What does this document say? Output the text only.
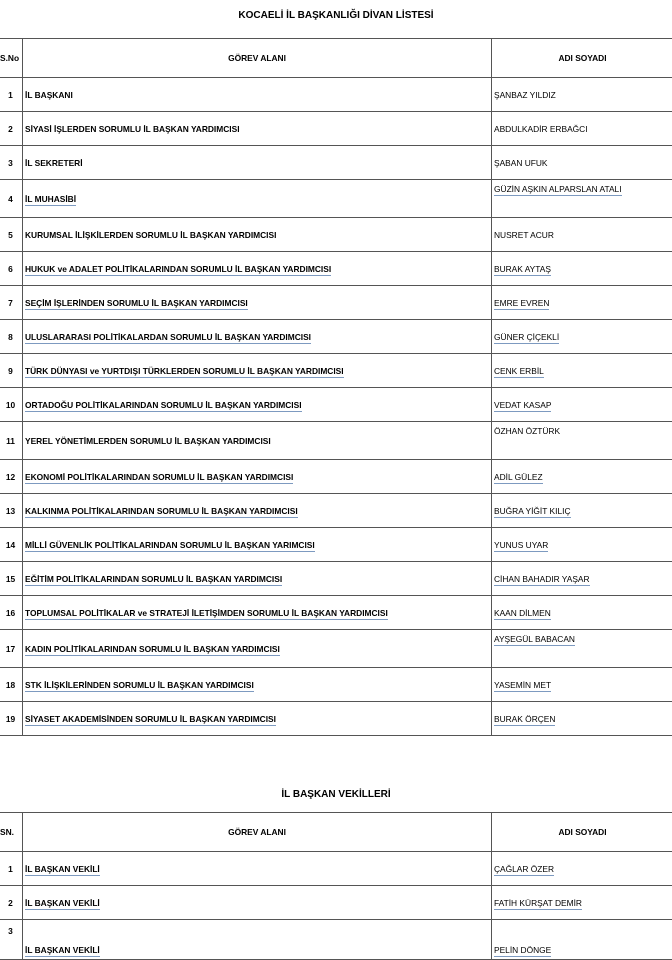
KOCAELİ İL BAŞKANLIĞI DİVAN LİSTESİ
S.No	GÖREV ALANI	ADI SOYADI
1	İL BAŞKANI	ŞANBAZ YILDIZ
2	SİYASİ İŞLERDEN SORUMLU İL BAŞKAN YARDIMCISI	ABDULKADİR ERBAĞCI
3	İL SEKRETERİ	ŞABAN UFUK
4	İL MUHASİBİ	GÜZİN AŞKIN ALPARSLAN ATALI
5	KURUMSAL İLİŞKİLERDEN SORUMLU İL BAŞKAN YARDIMCISI	NUSRET ACUR
6	HUKUK ve ADALET POLİTİKALARINDAN SORUMLU İL BAŞKAN YARDIMCISI	BURAK AYTAŞ
7	SEÇİM İŞLERİNDEN SORUMLU İL BAŞKAN YARDIMCISI	EMRE EVREN
8	ULUSLARARASI POLİTİKALARDAN SORUMLU İL BAŞKAN YARDIMCISI	GÜNER ÇİÇEKLİ
9	TÜRK DÜNYASI ve YURTDIŞI TÜRKLERDEN SORUMLU İL BAŞKAN YARDIMCISI	CENK ERBİL
10	ORTADOĞU POLİTİKALARINDAN SORUMLU İL BAŞKAN YARDIMCISI	VEDAT KASAP
11	YEREL YÖNETİMLERDEN SORUMLU İL BAŞKAN YARDIMCISI	ÖZHAN ÖZTÜRK
12	EKONOMİ POLİTİKALARINDAN SORUMLU İL BAŞKAN YARDIMCISI	ADİL GÜLEZ
13	KALKINMA POLİTİKALARINDAN SORUMLU İL BAŞKAN YARDIMCISI	BUĞRA YİĞİT KILIÇ
14	MİLLİ GÜVENLİK POLİTİKALARINDAN SORUMLU İL BAŞKAN YARIMCISI	YUNUS UYAR
15	EĞİTİM POLİTİKALARINDAN SORUMLU İL BAŞKAN YARDIMCISI	CİHAN BAHADIR YAŞAR
16	TOPLUMSAL POLİTİKALAR ve STRATEJİ İLETİŞİMDEN SORUMLU İL BAŞKAN YARDIMCISI	KAAN DİLMEN
17	KADIN POLİTİKALARINDAN SORUMLU İL BAŞKAN YARDIMCISI	AYŞEGÜL BABACAN
18	STK İLİŞKİLERİNDEN SORUMLU İL BAŞKAN YARDIMCISI	YASEMİN MET
19	SİYASET AKADEMİSİNDEN SORUMLU İL BAŞKAN YARDIMCISI	BURAK ÖRÇEN
İL BAŞKAN VEKİLLERİ
SN.	GÖREV ALANI	ADI SOYADI
1	İL BAŞKAN VEKİLİ	ÇAĞLAR ÖZER
2	İL BAŞKAN VEKİLİ	FATİH KÜRŞAT DEMİR
3	İL BAŞKAN VEKİLİ	PELİN DÖNGE
